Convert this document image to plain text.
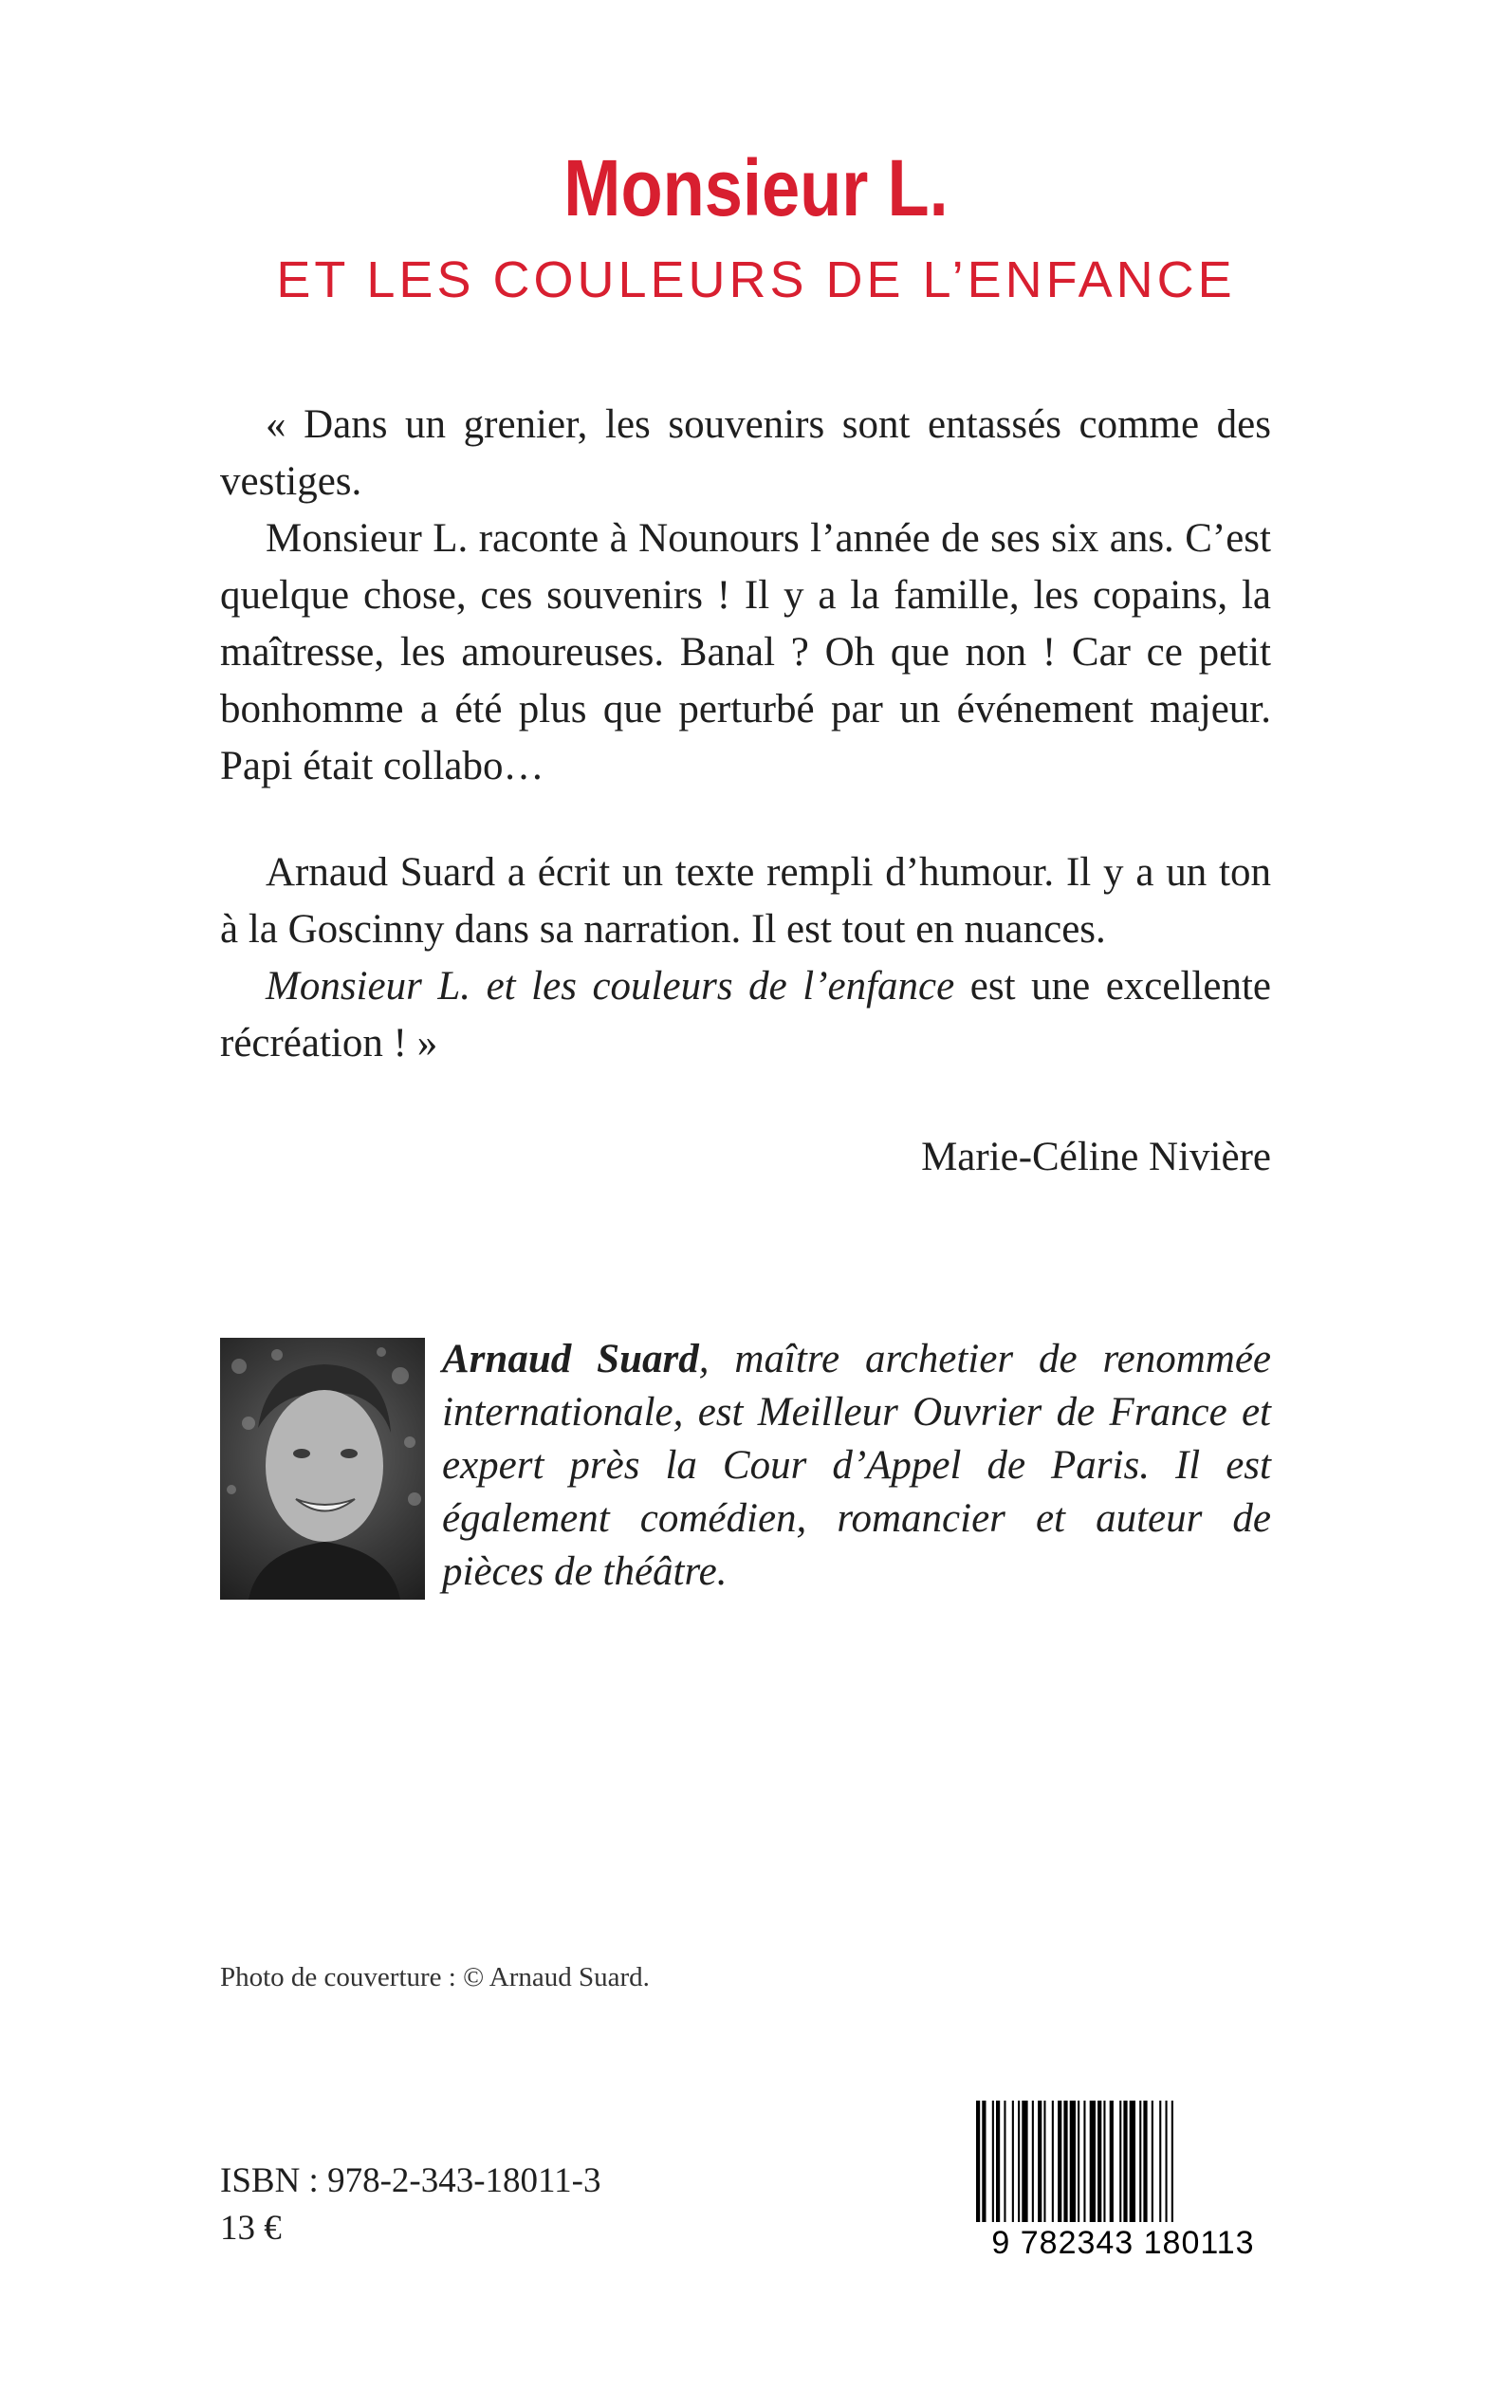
Monsieur L.
ET LES COULEURS DE L’ENFANCE

« Dans un grenier, les souvenirs sont entassés comme des vestiges.

Monsieur L. raconte à Nounours l’année de ses six ans. C’est quelque chose, ces souvenirs ! Il y a la famille, les copains, la maîtresse, les amoureuses. Banal ? Oh que non ! Car ce petit bonhomme a été plus que perturbé par un événement majeur. Papi était collabo…

Arnaud Suard a écrit un texte rempli d’humour. Il y a un ton à la Goscinny dans sa narration. Il est tout en nuances.

Monsieur L. et les couleurs de l’enfance est une excellente récréation ! »

Marie-Céline Nivière
Arnaud Suard, maître archetier de renommée internationale, est Meilleur Ouvrier de France et expert près la Cour d’Appel de Paris. Il est également comédien, romancier et auteur de pièces de théâtre.
Photo de couverture : © Arnaud Suard.
ISBN : 978-2-343-18011-3
13 €	9 782343 180113
